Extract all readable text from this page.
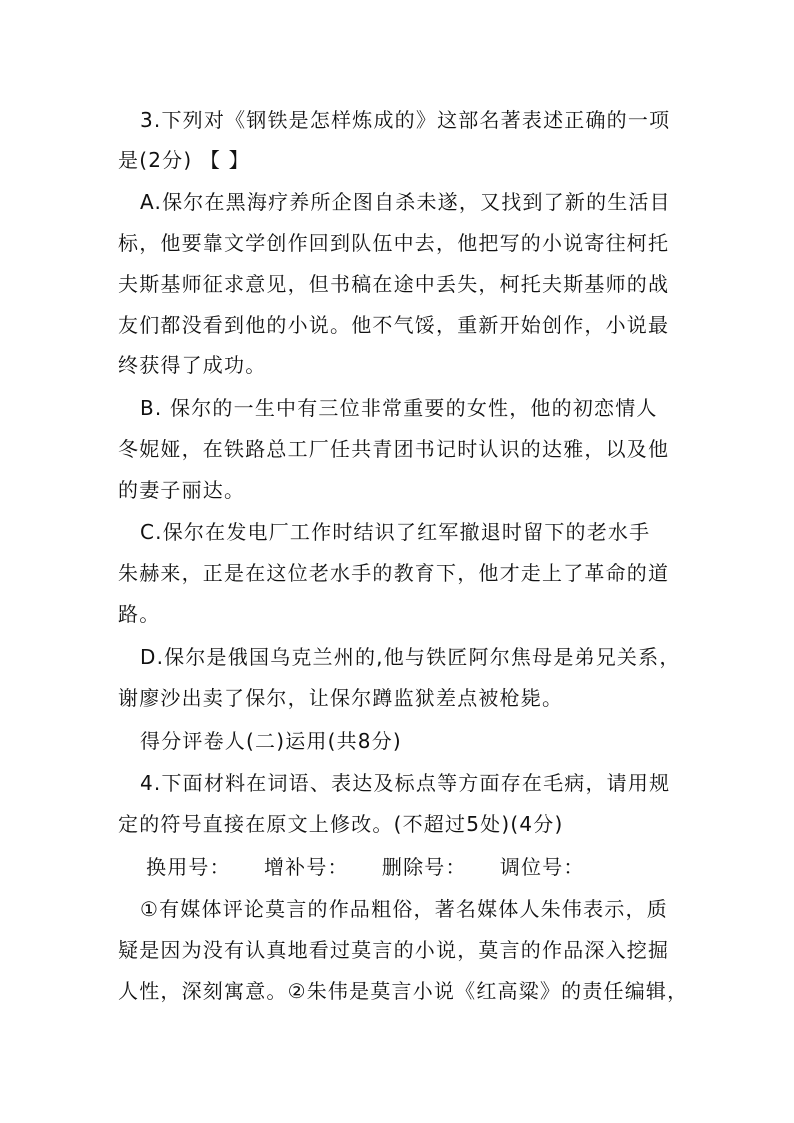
3.下列对《钢铁是怎样炼成的》这部名著表述正确的一项
是(2分) 【 】
A.保尔在黑海疗养所企图自杀未遂，又找到了新的生活目
标，他要靠文学创作回到队伍中去，他把写的小说寄往柯托
夫斯基师征求意见，但书稿在途中丢失，柯托夫斯基师的战
友们都没看到他的小说。他不气馁，重新开始创作，小说最
终获得了成功。
B. 保尔的一生中有三位非常重要的女性，他的初恋情人
冬妮娅，在铁路总工厂任共青团书记时认识的达雅，以及他
的妻子丽达。
C.保尔在发电厂工作时结识了红军撤退时留下的老水手
朱赫来，正是在这位老水手的教育下，他才走上了革命的道
路。
D.保尔是俄国乌克兰州的,他与铁匠阿尔焦母是弟兄关系，
谢廖沙出卖了保尔，让保尔蹲监狱差点被枪毙。
得分评卷人(二)运用(共8分)
4.下面材料在词语、表达及标点等方面存在毛病，请用规
定的符号直接在原文上修改。(不超过5处)(4分)
换用号： 增补号： 删除号： 调位号：
①有媒体评论莫言的作品粗俗，著名媒体人朱伟表示，质
疑是因为没有认真地看过莫言的小说，莫言的作品深入挖掘
人性，深刻寓意。②朱伟是莫言小说《红高粱》的责任编辑，
